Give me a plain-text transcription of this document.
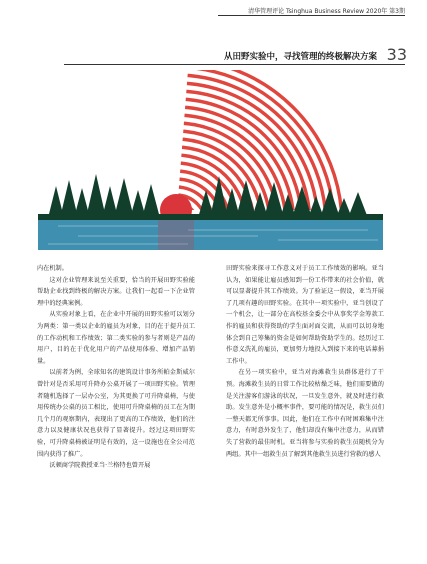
清华管理评论 Tsinghua Business Review 2020年 第3期
从田野实验中，寻找管理的终极解决方案 33

内在机制。

这对企业管理来说至关重要，恰当的开展田野实验能帮助企业找到终极的解决方案。让我们一起看一下企业管理中的经典案例。

从实验对象上看，在企业中开展的田野实验可以划分为两类：第一类以企业的雇员为对象，目的在于提升员工的工作动机和工作绩效；第二类实验的参与者则是产品的用户，目的在于优化用户的产品使用体验、增加产品销量。

以前者为例，全球知名的建筑设计事务所帕金斯威尔曾针对是否采用可升降办公桌开展了一项田野实验。管理者随机选择了一层办公室，为其更换了可升降桌椅，与使用传统办公桌的员工相比，使用可升降桌椅的员工在为期几个月的观察期内，表现出了更高的工作绩效，他们的注意力以及健康状况也获得了显著提升。经过这项田野实验，可升降桌椅被证明是有效的，这一设施也在全公司范围内获得了推广。

沃顿商学院教授亚当·兰格特也曾开展

田野实验来探寻工作意义对于员工工作绩效的影响。亚当认为，如果能让雇员感知到一份工作带来的社会价值，就可以显著提升其工作绩效。为了验证这一假设，亚当开展了几项有趣的田野实验。在其中一项实验中，亚当创设了一个机会，让一部分在高校基金委会中从事奖学金筹款工作的雇员和获得资助的学生面对面交流，从而可以切身地体会到自己筹集的资金是如何帮助资助学生的。经历过工作意义洗礼的雇员，更加努力地投入到接下来的电话募捐工作中。

在另一项实验中，亚当对海滩救生员群体进行了干预。海滩救生员的日常工作比较枯燥乏味，他们需要做的是关注游客们游泳的状况，一旦发生意外，就及时进行救助。发生意外是小概率事件，要可能的情况是，救生员们一整天都无所事事。因此，他们在工作中有时困难集中注意力，有时意外发生了，他们却没有集中注意力，从而错失了营救的最佳时机。亚当将参与实验的救生员随机分为两组。其中一组救生员了解到其他救生员进行营救的感人
